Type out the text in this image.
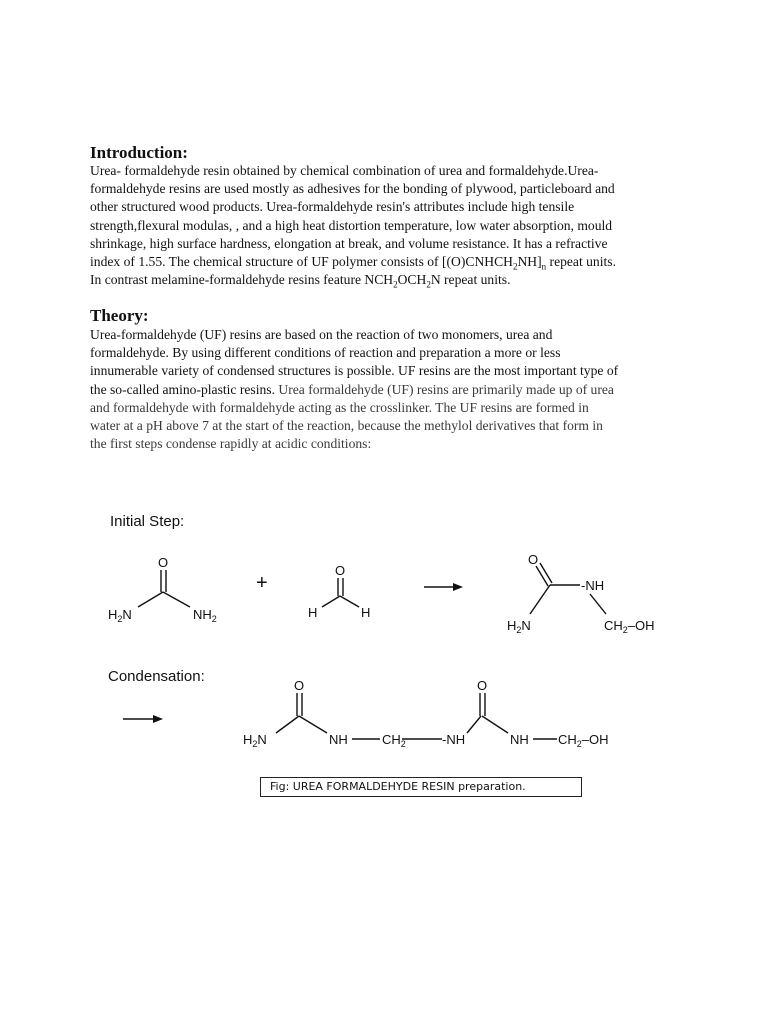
Introduction:
Urea- formaldehyde resin obtained by chemical combination of urea and formaldehyde.Urea-
formaldehyde resins are used mostly as adhesives for the bonding of plywood, particleboard and
other structured wood products. Urea-formaldehyde resin's attributes include high tensile
strength,flexural modulas, , and a high heat distortion temperature, low water absorption, mould
shrinkage, high surface hardness, elongation at break, and volume resistance. It has a refractive
index of 1.55. The chemical structure of UF polymer consists of $[(O)CNHCH_2NH]_n$ repeat units.
In contrast melamine-formaldehyde resins feature $NCH_2OCH_2N$ repeat units.
Theory:
Urea-formaldehyde (UF) resins are based on the reaction of two monomers, urea and
formaldehyde. By using different conditions of reaction and preparation a more or less
innumerable variety of condensed structures is possible. UF resins are the most important type of
the so-called amino-plastic resins. Urea formaldehyde (UF) resins are primarily made up of urea
and formaldehyde with formaldehyde acting as the crosslinker. The UF resins are formed in
water at a pH above 7 at the start of the reaction, because the methylol derivatives that form in
the first steps condense rapidly at acidic conditions:
Initial Step:
Condensation:
O
$H_2N$	$NH_2$
+
O
H	H
O
-NH
$H_2N$	$CH_2-OH$
O	O
$H_2N$	NH	$CH_2$	-NH	NH $CH_2-OH$
Fig: UREA FORMALDEHYDE RESIN preparation.
